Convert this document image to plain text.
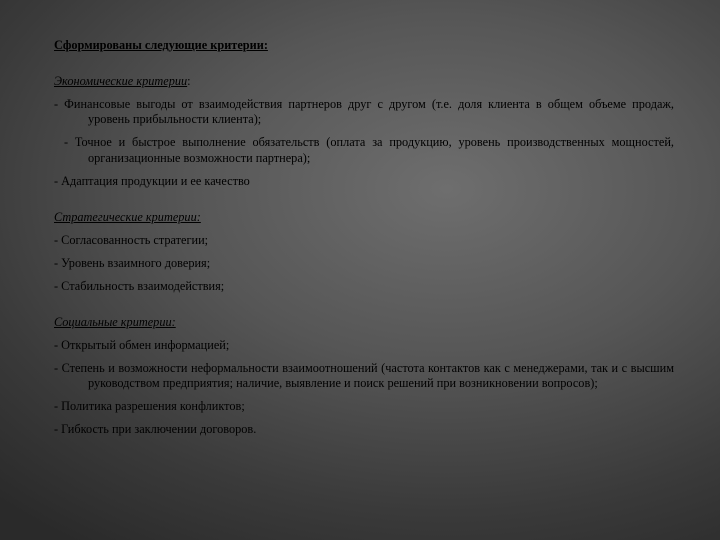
Сформированы следующие критерии:
Экономические критерии:
- Финансовые выгоды от взаимодействия партнеров друг с другом (т.е. доля клиента в общем объеме продаж, уровень прибыльности клиента);
- Точное и быстрое выполнение обязательств (оплата за продукцию, уровень производственных мощностей, организационные возможности партнера);
- Адаптация продукции и ее качество
Стратегические критерии:
- Согласованность стратегии;
- Уровень взаимного доверия;
- Стабильность взаимодействия;
Социальные критерии:
- Открытый обмен информацией;
- Степень и возможности неформальности взаимоотношений (частота контактов как с менеджерами, так и с высшим руководством предприятия; наличие, выявление и поиск решений при возникновении вопросов);
- Политика разрешения конфликтов;
- Гибкость при заключении договоров.
